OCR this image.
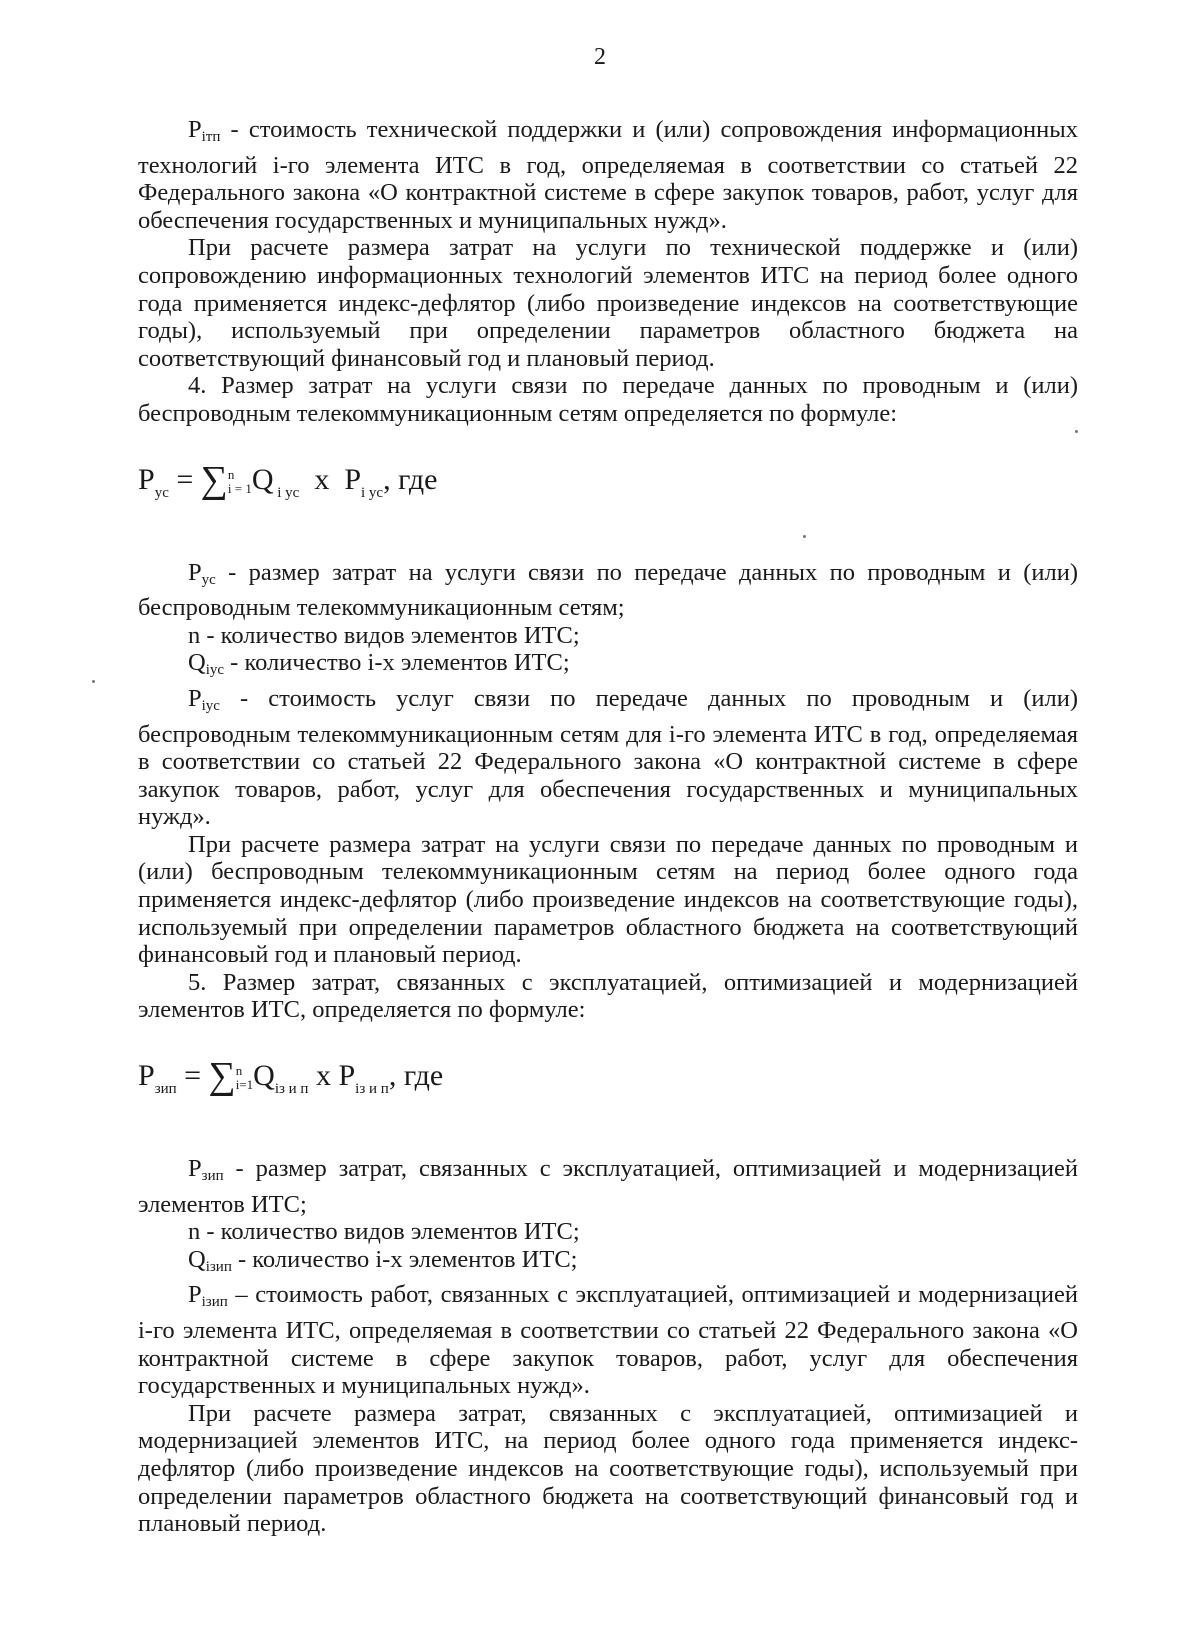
2

$P_{iтп}$ - стоимость технической поддержки и (или) сопровождения информационных технологий i-го элемента ИТС в год, определяемая в соответствии со статьей 22 Федерального закона «О контрактной системе в сфере закупок товаров, работ, услуг для обеспечения государственных и муниципальных нужд».

При расчете размера затрат на услуги по технической поддержке и (или) сопровождению информационных технологий элементов ИТС на период более одного года применяется индекс-дефлятор (либо произведение индексов на соответствующие годы), используемый при определении параметров областного бюджета на соответствующий финансовый год и плановый период.

4. Размер затрат на услуги связи по передаче данных по проводным и (или) беспроводным телекоммуникационным сетям определяется по формуле:

$P_{ус} = \sum n$
i = 1Q $_{i ус}$  x  $P_{i ус}$, где

$P_{ус}$ - размер затрат на услуги связи по передаче данных по проводным и (или) беспроводным телекоммуникационным сетям;

n - количество видов элементов ИТС;

$Q_{iус}$ - количество i-х элементов ИТС;

$P_{iус}$ - стоимость услуг связи по передаче данных по проводным и (или) беспроводным телекоммуникационным сетям для i-го элемента ИТС в год, определяемая в соответствии со статьей 22 Федерального закона «О контрактной системе в сфере закупок товаров, работ, услуг для обеспечения государственных и муниципальных нужд».

При расчете размера затрат на услуги связи по передаче данных по проводным и (или) беспроводным телекоммуникационным сетям на период более одного года применяется индекс-дефлятор (либо произведение индексов на соответствующие годы), используемый при определении параметров областного бюджета на соответствующий финансовый год и плановый период.

5. Размер затрат, связанных с эксплуатацией, оптимизацией и модернизацией элементов ИТС, определяется по формуле:

$P_{зип} = \sum n$
$i=1Q_{iз и п}$ x $P_{iз и п}$, где

$P_{зип}$ - размер затрат, связанных с эксплуатацией, оптимизацией и модернизацией элементов ИТС;

n - количество видов элементов ИТС;

$Q_{iзип}$ - количество i-х элементов ИТС;

$P_{iзип}$ – стоимость работ, связанных с эксплуатацией, оптимизацией и модернизацией i-го элемента ИТС, определяемая в соответствии со статьей 22 Федерального закона «О контрактной системе в сфере закупок товаров, работ, услуг для обеспечения государственных и муниципальных нужд».

При расчете размера затрат, связанных с эксплуатацией, оптимизацией и модернизацией элементов ИТС, на период более одного года применяется индекс-дефлятор (либо произведение индексов на соответствующие годы), используемый при определении параметров областного бюджета на соответствующий финансовый год и плановый период.
